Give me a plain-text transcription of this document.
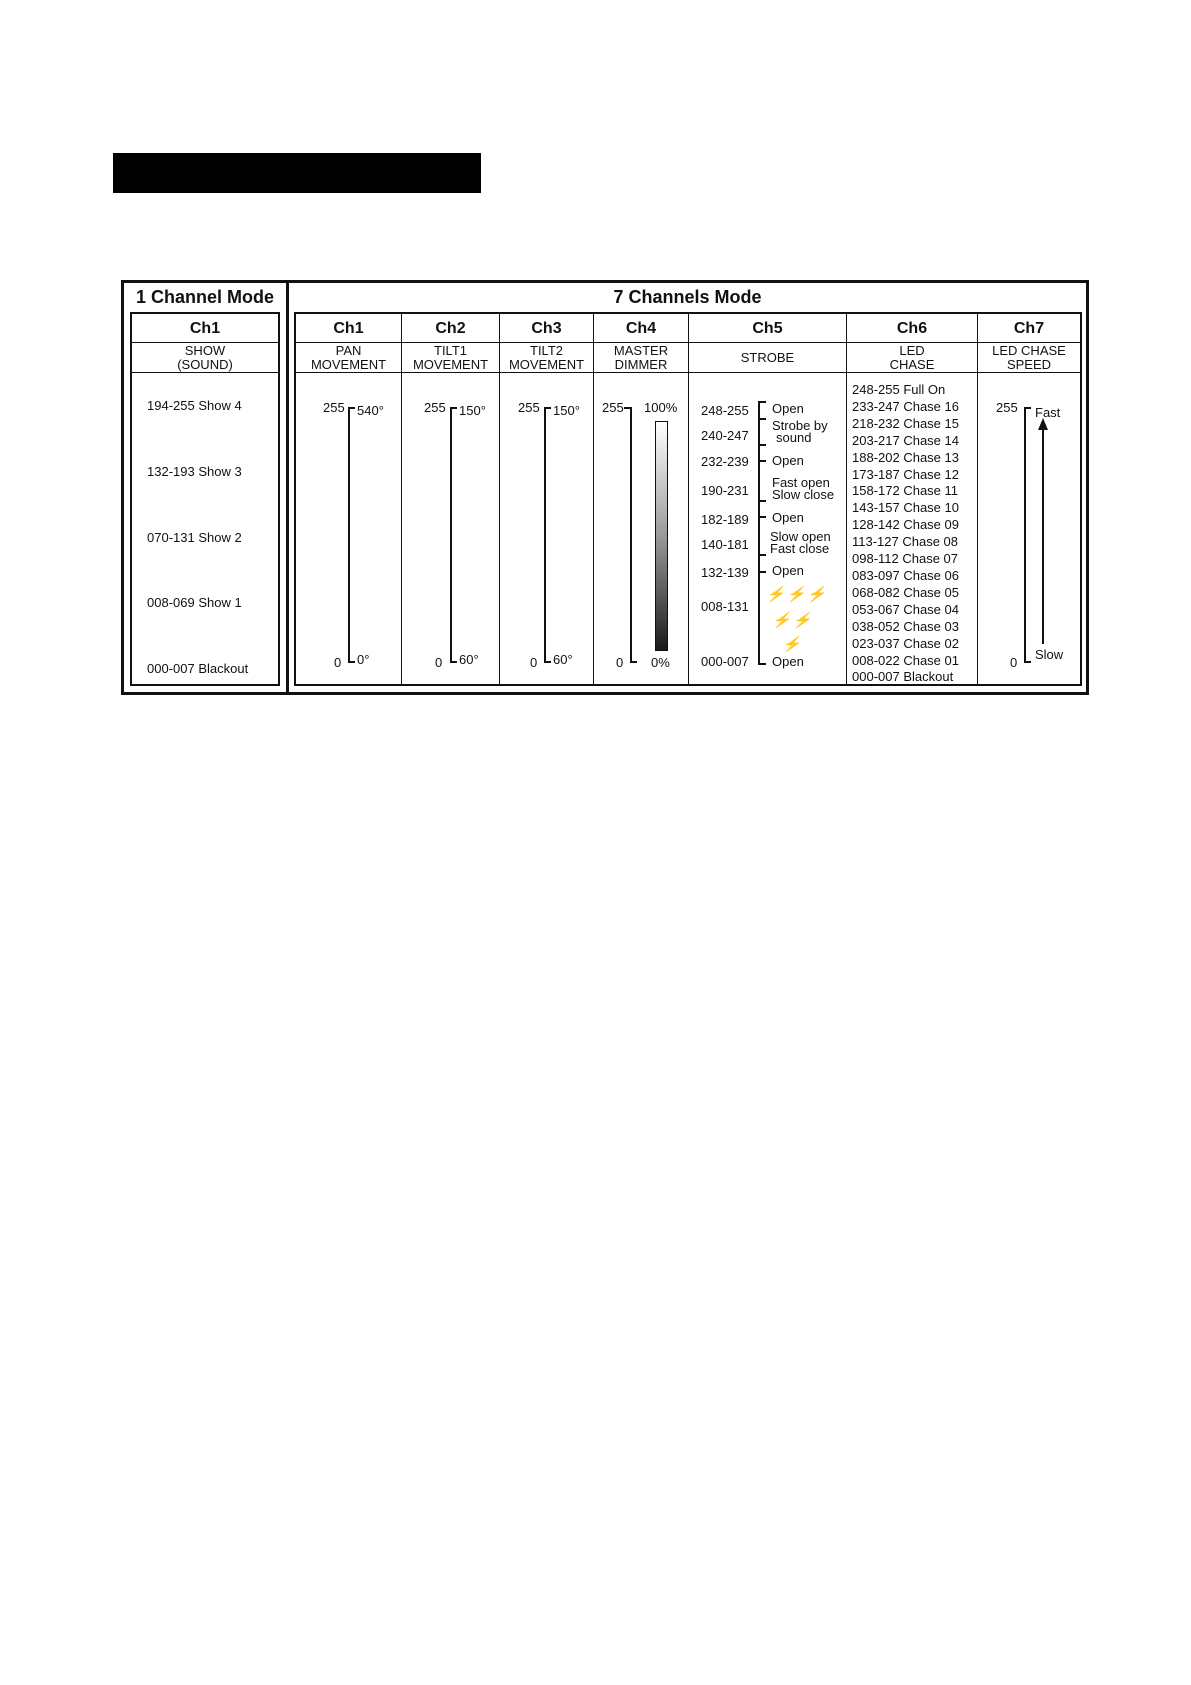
1 Channel Mode
Ch1
SHOW
(SOUND)
194-255 Show 4
132-193 Show 3
070-131 Show 2
008-069 Show 1
000-007 Blackout
7 Channels Mode
Ch1
PAN
MOVEMENT
255
0
540°
0°
Ch2
TILT1
MOVEMENT
255
0
150°
60°
Ch3
TILT2
MOVEMENT
255
0
150°
60°
Ch4
MASTER
DIMMER
255
0
100%
0%
Ch5
STROBE
248-255
240-247
232-239
190-231
182-189
140-181
132-139
008-131
000-007
Open
Strobe by
sound
Open
Fast open
Slow close
Open
Slow open
Fast close
Open
Open
⚡⚡⚡
⚡⚡
⚡
Ch6
LED
CHASE
248-255 Full On
233-247 Chase 16
218-232 Chase 15
203-217 Chase 14
188-202 Chase 13
173-187 Chase 12
158-172 Chase 11
143-157 Chase 10
128-142 Chase 09
113-127 Chase 08
098-112 Chase 07
083-097 Chase 06
068-082 Chase 05
053-067 Chase 04
038-052 Chase 03
023-037 Chase 02
008-022 Chase 01
000-007 Blackout
Ch7
LED CHASE
SPEED
255
0
Fast
Slow
